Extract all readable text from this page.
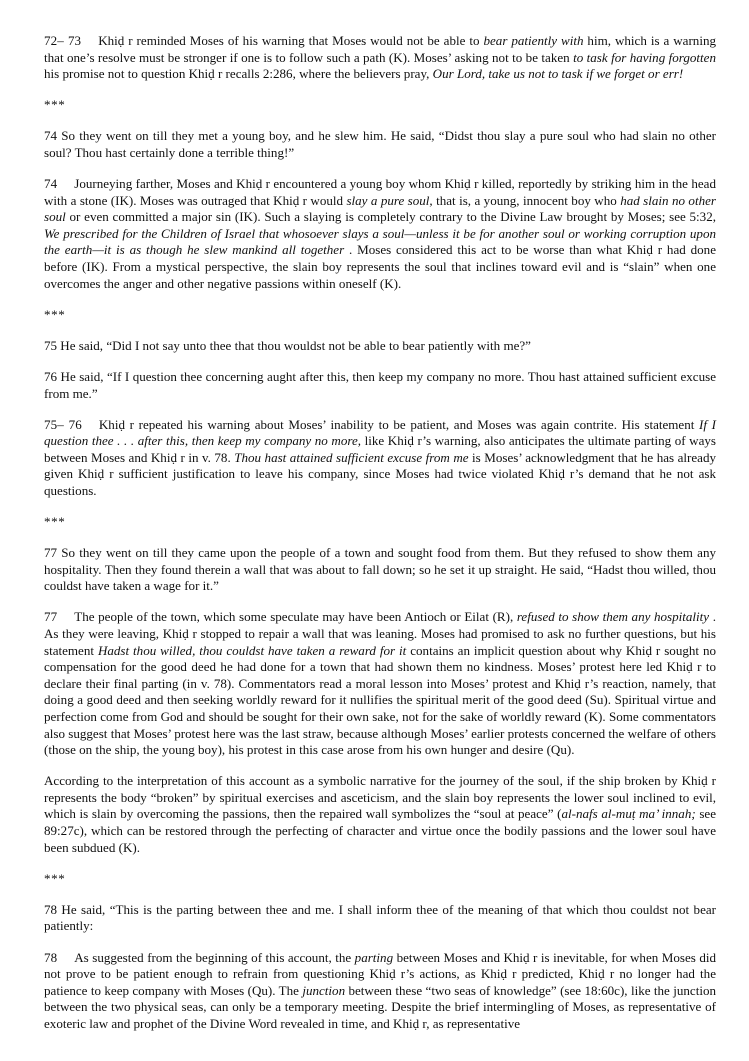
72– 73 Khiḍ r reminded Moses of his warning that Moses would not be able to bear patiently with him, which is a warning that one’s resolve must be stronger if one is to follow such a path (K). Moses’ asking not to be taken to task for having forgotten his promise not to question Khiḍ r recalls 2:286, where the believers pray, Our Lord, take us not to task if we forget or err!

***

74 So they went on till they met a young boy, and he slew him. He said, “Didst thou slay a pure soul who had slain no other soul? Thou hast certainly done a terrible thing!”

74 Journeying farther, Moses and Khiḍ r encountered a young boy whom Khiḍ r killed, reportedly by striking him in the head with a stone (IK). Moses was outraged that Khiḍ r would slay a pure soul, that is, a young, innocent boy who had slain no other soul or even committed a major sin (IK). Such a slaying is completely contrary to the Divine Law brought by Moses; see 5:32, We prescribed for the Children of Israel that whosoever slays a soul—unless it be for another soul or working corruption upon the earth—it is as though he slew mankind all together . Moses considered this act to be worse than what Khiḍ r had done before (IK). From a mystical perspective, the slain boy represents the soul that inclines toward evil and is “slain” when one overcomes the anger and other negative passions within oneself (K).

***

75 He said, “Did I not say unto thee that thou wouldst not be able to bear patiently with me?”

76 He said, “If I question thee concerning aught after this, then keep my company no more. Thou hast attained sufficient excuse from me.”

75– 76 Khiḍ r repeated his warning about Moses’ inability to be patient, and Moses was again contrite. His statement If I question thee . . . after this, then keep my company no more, like Khiḍ r’s warning, also anticipates the ultimate parting of ways between Moses and Khiḍ r in v. 78. Thou hast attained sufficient excuse from me is Moses’ acknowledgment that he has already given Khiḍ r sufficient justification to leave his company, since Moses had twice violated Khiḍ r’s demand that he not ask questions.

***

77 So they went on till they came upon the people of a town and sought food from them. But they refused to show them any hospitality. Then they found therein a wall that was about to fall down; so he set it up straight. He said, “Hadst thou willed, thou couldst have taken a wage for it.”

77 The people of the town, which some speculate may have been Antioch or Eilat (R), refused to show them any hospitality . As they were leaving, Khiḍ r stopped to repair a wall that was leaning. Moses had promised to ask no further questions, but his statement Hadst thou willed, thou couldst have taken a reward for it contains an implicit question about why Khiḍ r sought no compensation for the good deed he had done for a town that had shown them no kindness. Moses’ protest here led Khiḍ r to declare their final parting (in v. 78). Commentators read a moral lesson into Moses’ protest and Khiḍ r’s reaction, namely, that doing a good deed and then seeking worldly reward for it nullifies the spiritual merit of the good deed (Su). Spiritual virtue and perfection come from God and should be sought for their own sake, not for the sake of worldly reward (K). Some commentators also suggest that Moses’ protest here was the last straw, because although Moses’ earlier protests concerned the welfare of others (those on the ship, the young boy), his protest in this case arose from his own hunger and desire (Qu).

According to the interpretation of this account as a symbolic narrative for the journey of the soul, if the ship broken by Khiḍ r represents the body “broken” by spiritual exercises and asceticism, and the slain boy represents the lower soul inclined to evil, which is slain by overcoming the passions, then the repaired wall symbolizes the “soul at peace” (al-nafs al-muṭ ma’ innah; see 89:27c), which can be restored through the perfecting of character and virtue once the bodily passions and the lower soul have been subdued (K).

***

78 He said, “This is the parting between thee and me. I shall inform thee of the meaning of that which thou couldst not bear patiently:

78 As suggested from the beginning of this account, the parting between Moses and Khiḍ r is inevitable, for when Moses did not prove to be patient enough to refrain from questioning Khiḍ r’s actions, as Khiḍ r predicted, Khiḍ r no longer had the patience to keep company with Moses (Qu). The junction between these “two seas of knowledge” (see 18:60c), like the junction between the two physical seas, can only be a temporary meeting. Despite the brief intermingling of Moses, as representative of exoteric law and prophet of the Divine Word revealed in time, and Khiḍ r, as representative
